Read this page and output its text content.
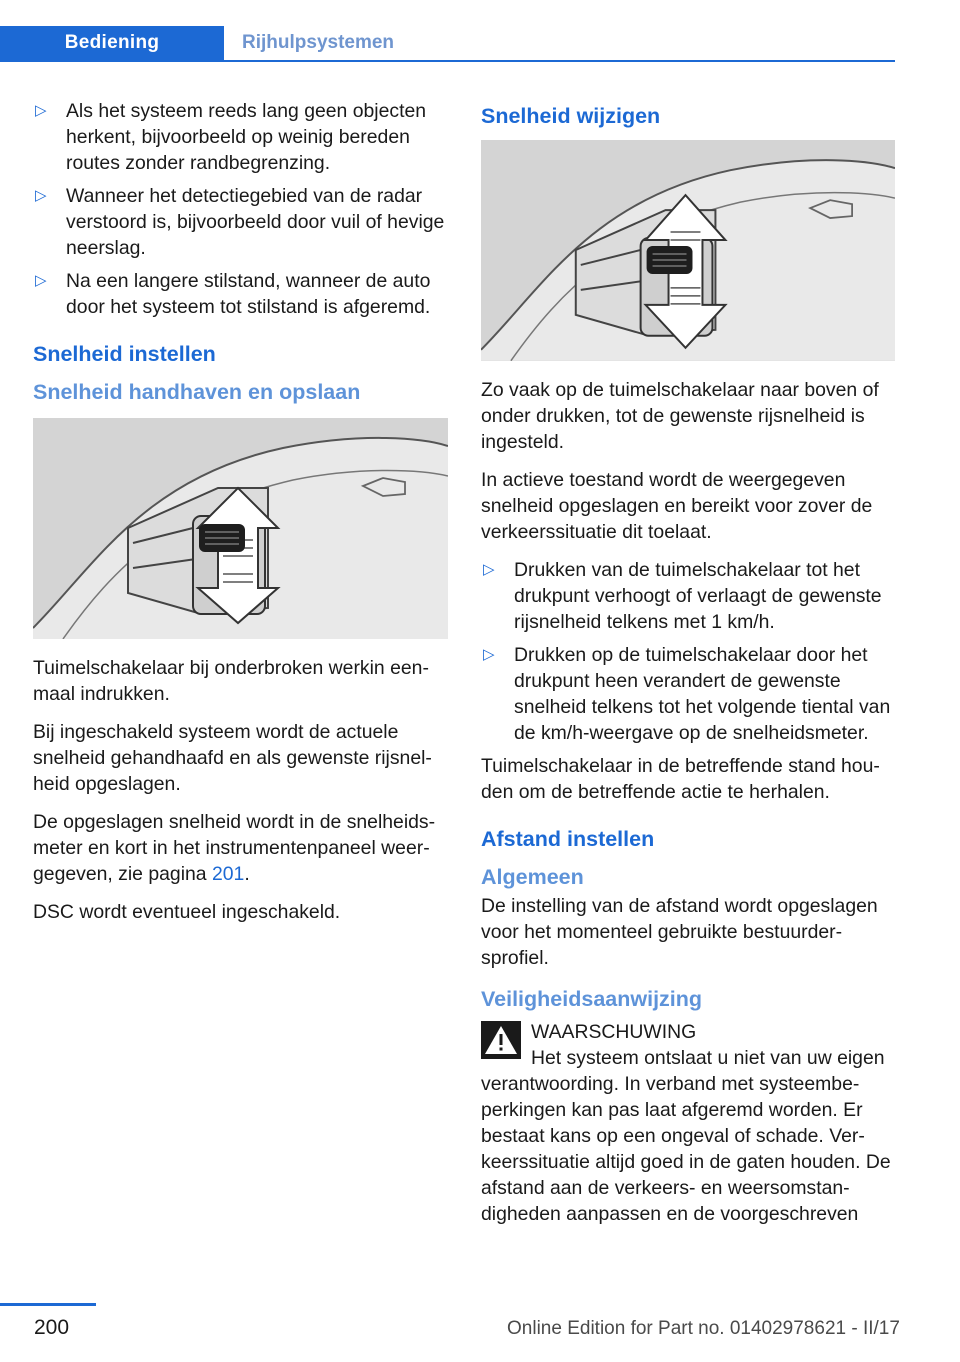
Bediening	Rijhulpsystemen
▷ Als het systeem reeds lang geen objecten herkent, bijvoorbeeld op weinig bereden routes zonder randbegrenzing.
▷ Wanneer het detectiegebied van de radar verstoord is, bijvoorbeeld door vuil of hevige neerslag.
▷ Na een langere stilstand, wanneer de auto door het systeem tot stilstand is afgeremd.
Snelheid instellen
Snelheid handhaven en opslaan

Tuimelschakelaar bij onderbroken werkin eenmaal indrukken.

Bij ingeschakeld systeem wordt de actuele snelheid gehandhaafd en als gewenste rijsnelheid opgeslagen.

De opgeslagen snelheid wordt in de snelheidsmeter en kort in het instrumentenpaneel weergegeven, zie pagina 201.

DSC wordt eventueel ingeschakeld.

Snelheid wijzigen

Zo vaak op de tuimelschakelaar naar boven of onder drukken, tot de gewenste rijsnelheid is ingesteld.

In actieve toestand wordt de weergegeven snelheid opgeslagen en bereikt voor zover de verkeerssituatie dit toelaat.

▷ Drukken van de tuimelschakelaar tot het drukpunt verhoogt of verlaagt de gewenste rijsnelheid telkens met 1 km/h.
▷ Drukken op de tuimelschakelaar door het drukpunt heen verandert de gewenste snelheid telkens tot het volgende tiental van de km/h-weergave op de snelheidsmeter.

Tuimelschakelaar in de betreffende stand houden om de betreffende actie te herhalen.

Afstand instellen
Algemeen

De instelling van de afstand wordt opgeslagen voor het momenteel gebruikte bestuurdersprofiel.

Veiligheidsaanwijzing

WAARSCHUWING

Het systeem ontslaat u niet van uw eigen verantwoording. In verband met systeembeperkingen kan pas laat afgeremd worden. Er bestaat kans op een ongeval of schade. Verkeerssituatie altijd goed in de gaten houden. De afstand aan de verkeers- en weersomstandigheden aanpassen en de voorgeschreven

200	Online Edition for Part no. 01402978621 - II/17
